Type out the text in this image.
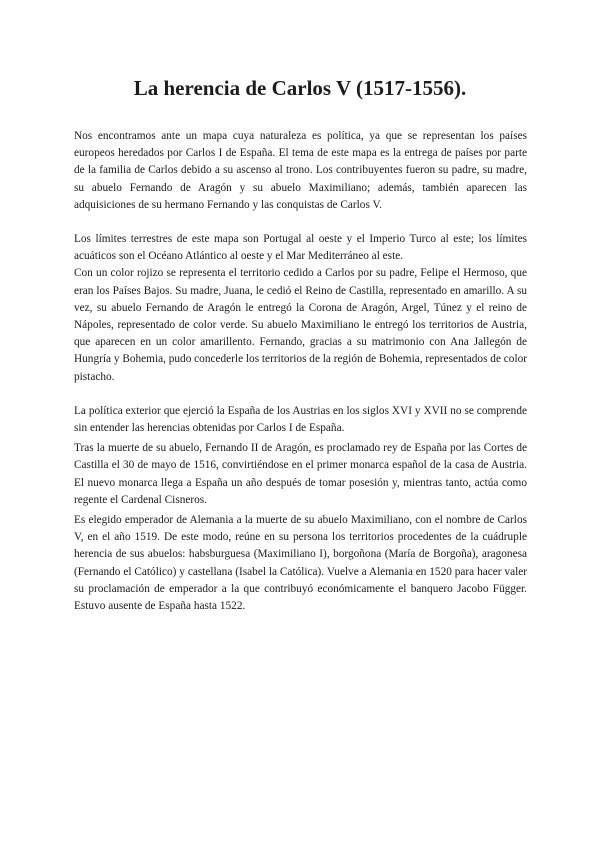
La herencia de Carlos V (1517-1556).

Nos encontramos ante un mapa cuya naturaleza es política, ya que se representan los países europeos heredados por Carlos I de España. El tema de este mapa es la entrega de países por parte de la familia de Carlos debido a su ascenso al trono. Los contribuyentes fueron su padre, su madre, su abuelo Fernando de Aragón y su abuelo Maximiliano; además, también aparecen las adquisiciones de su hermano Fernando y las conquistas de Carlos V.

Los límites terrestres de este mapa son Portugal al oeste y el Imperio Turco al este; los límites acuáticos son el Océano Atlántico al oeste y el Mar Mediterráneo al este.

Con un color rojizo se representa el territorio cedido a Carlos por su padre, Felipe el Hermoso, que eran los Países Bajos. Su madre, Juana, le cedió el Reino de Castilla, representado en amarillo. A su vez, su abuelo Fernando de Aragón le entregó la Corona de Aragón, Argel, Túnez y el reino de Nápoles, representado de color verde. Su abuelo Maximiliano le entregó los territorios de Austria, que aparecen en un color amarillento. Fernando, gracias a su matrimonio con Ana Jallegón de Hungría y Bohemia, pudo concederle los territorios de la región de Bohemia, representados de color pistacho.

La política exterior que ejerció la España de los Austrias en los siglos XVI y XVII no se comprende sin entender las herencias obtenidas por Carlos I de España.

Tras la muerte de su abuelo, Fernando II de Aragón, es proclamado rey de España por las Cortes de Castilla el 30 de mayo de 1516, convirtiéndose en el primer monarca español de la casa de Austria. El nuevo monarca llega a España un año después de tomar posesión y, mientras tanto, actúa como regente el Cardenal Cisneros.

Es elegido emperador de Alemania a la muerte de su abuelo Maximiliano, con el nombre de Carlos V, en el año 1519. De este modo, reúne en su persona los territorios procedentes de la cuádruple herencia de sus abuelos: habsburguesa (Maximiliano I), borgoñona (María de Borgoña), aragonesa (Fernando el Católico) y castellana (Isabel la Católica). Vuelve a Alemania en 1520 para hacer valer su proclamación de emperador a la que contribuyó económicamente el banquero Jacobo Függer. Estuvo ausente de España hasta 1522.
